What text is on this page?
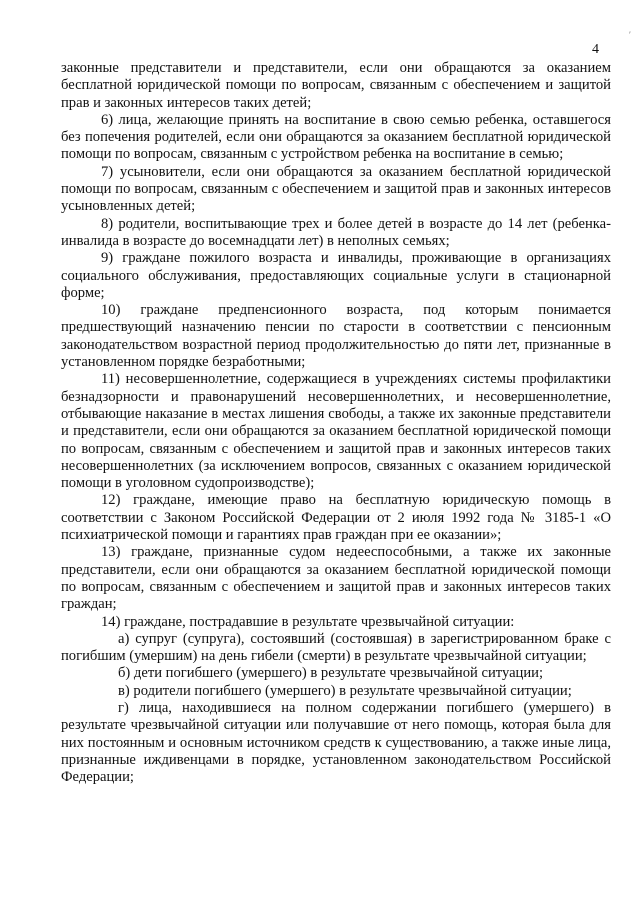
4
′

законные представители и представители, если они обращаются за оказанием бесплатной юридической помощи по вопросам, связанным с обеспечением и защитой прав и законных интересов таких детей;

6) лица, желающие принять на воспитание в свою семью ребенка, оставшегося без попечения родителей, если они обращаются за оказанием бесплатной юридической помощи по вопросам, связанным с устройством ребенка на воспитание в семью;

7) усыновители, если они обращаются за оказанием бесплатной юридической помощи по вопросам, связанным с обеспечением и защитой прав и законных интересов усыновленных детей;

8) родители, воспитывающие трех и более детей в возрасте до 14 лет (ребенка-инвалида в возрасте до восемнадцати лет) в неполных семьях;

9) граждане пожилого возраста и инвалиды, проживающие в организациях социального обслуживания, предоставляющих социальные услуги в стационарной форме;

10) граждане предпенсионного возраста, под которым понимается предшествующий назначению пенсии по старости в соответствии с пенсионным законодательством возрастной период продолжительностью до пяти лет, признанные в установленном порядке безработными;

11) несовершеннолетние, содержащиеся в учреждениях системы профилактики безнадзорности и правонарушений несовершеннолетних, и несовершеннолетние, отбывающие наказание в местах лишения свободы, а также их законные представители и представители, если они обращаются за оказанием бесплатной юридической помощи по вопросам, связанным с обеспечением и защитой прав и законных интересов таких несовершеннолетних (за исключением вопросов, связанных с оказанием юридической помощи в уголовном судопроизводстве);

12) граждане, имеющие право на бесплатную юридическую помощь в соответствии с Законом Российской Федерации от 2 июля 1992 года № 3185-1 «О психиатрической помощи и гарантиях прав граждан при ее оказании»;

13) граждане, признанные судом недееспособными, а также их законные представители, если они обращаются за оказанием бесплатной юридической помощи по вопросам, связанным с обеспечением и защитой прав и законных интересов таких граждан;

14) граждане, пострадавшие в результате чрезвычайной ситуации:

а) супруг (супруга), состоявший (состоявшая) в зарегистрированном браке с погибшим (умершим) на день гибели (смерти) в результате чрезвычайной ситуации;

б) дети погибшего (умершего) в результате чрезвычайной ситуации;

в) родители погибшего (умершего) в результате чрезвычайной ситуации;

г) лица, находившиеся на полном содержании погибшего (умершего) в результате чрезвычайной ситуации или получавшие от него помощь, которая была для них постоянным и основным источником средств к существованию, а также иные лица, признанные иждивенцами в порядке, установленном законодательством Российской Федерации;
